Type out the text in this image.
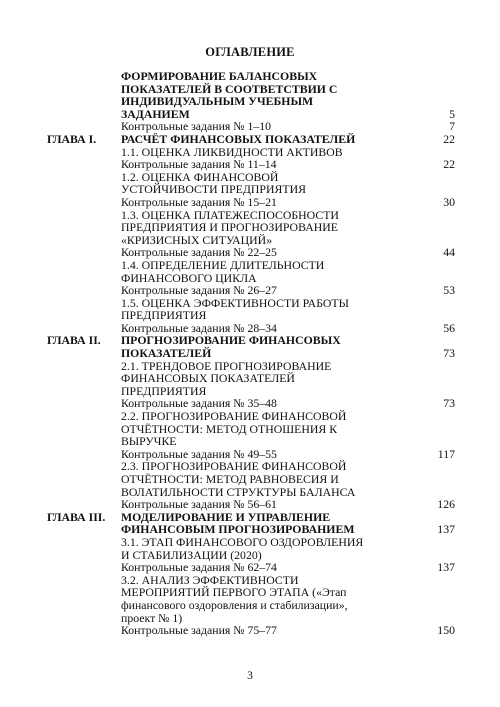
ОГЛАВЛЕНИЕ
ФОРМИРОВАНИЕ БАЛАНСОВЫХ ПОКАЗАТЕЛЕЙ В СООТВЕТСТВИИ С ИНДИВИДУАЛЬНЫМ УЧЕБНЫМ ЗАДАНИЕМ	5
Контрольные задания № 1–10	7
ГЛАВА I. РАСЧЁТ ФИНАНСОВЫХ ПОКАЗАТЕЛЕЙ	22
1.1. ОЦЕНКА ЛИКВИДНОСТИ АКТИВОВ
Контрольные задания № 11–14	22
1.2. ОЦЕНКА ФИНАНСОВОЙ УСТОЙЧИВОСТИ ПРЕДПРИЯТИЯ
Контрольные задания № 15–21	30
1.3. ОЦЕНКА ПЛАТЕЖЕСПОСОБНОСТИ ПРЕДПРИЯТИЯ И ПРОГНОЗИРОВАНИЕ «КРИЗИСНЫХ СИТУАЦИЙ»
Контрольные задания № 22–25	44
1.4. ОПРЕДЕЛЕНИЕ ДЛИТЕЛЬНОСТИ ФИНАНСОВОГО ЦИКЛА
Контрольные задания № 26–27	53
1.5. ОЦЕНКА ЭФФЕКТИВНОСТИ РАБОТЫ ПРЕДПРИЯТИЯ
Контрольные задания № 28–34	56
ГЛАВА II. ПРОГНОЗИРОВАНИЕ ФИНАНСОВЫХ ПОКАЗАТЕЛЕЙ	73
2.1. ТРЕНДОВОЕ ПРОГНОЗИРОВАНИЕ ФИНАНСОВЫХ ПОКАЗАТЕЛЕЙ ПРЕДПРИЯТИЯ
Контрольные задания № 35–48	73
2.2. ПРОГНОЗИРОВАНИЕ ФИНАНСОВОЙ ОТЧЁТНОСТИ: МЕТОД ОТНОШЕНИЯ К ВЫРУЧКЕ
Контрольные задания № 49–55	117
2.3. ПРОГНОЗИРОВАНИЕ ФИНАНСОВОЙ ОТЧЁТНОСТИ: МЕТОД РАВНОВЕСИЯ И ВОЛАТИЛЬНОСТИ СТРУКТУРЫ БАЛАНСА
Контрольные задания № 56–61	126
ГЛАВА III. МОДЕЛИРОВАНИЕ И УПРАВЛЕНИЕ ФИНАНСОВЫМ ПРОГНОЗИРОВАНИЕМ	137
3.1. ЭТАП ФИНАНСОВОГО ОЗДОРОВЛЕНИЯ И СТАБИЛИЗАЦИИ (2020)
Контрольные задания № 62–74	137
3.2. АНАЛИЗ ЭФФЕКТИВНОСТИ МЕРОПРИЯТИЙ ПЕРВОГО ЭТАПА («Этап финансового оздоровления и стабилизации», проект № 1)
Контрольные задания № 75–77	150
3
